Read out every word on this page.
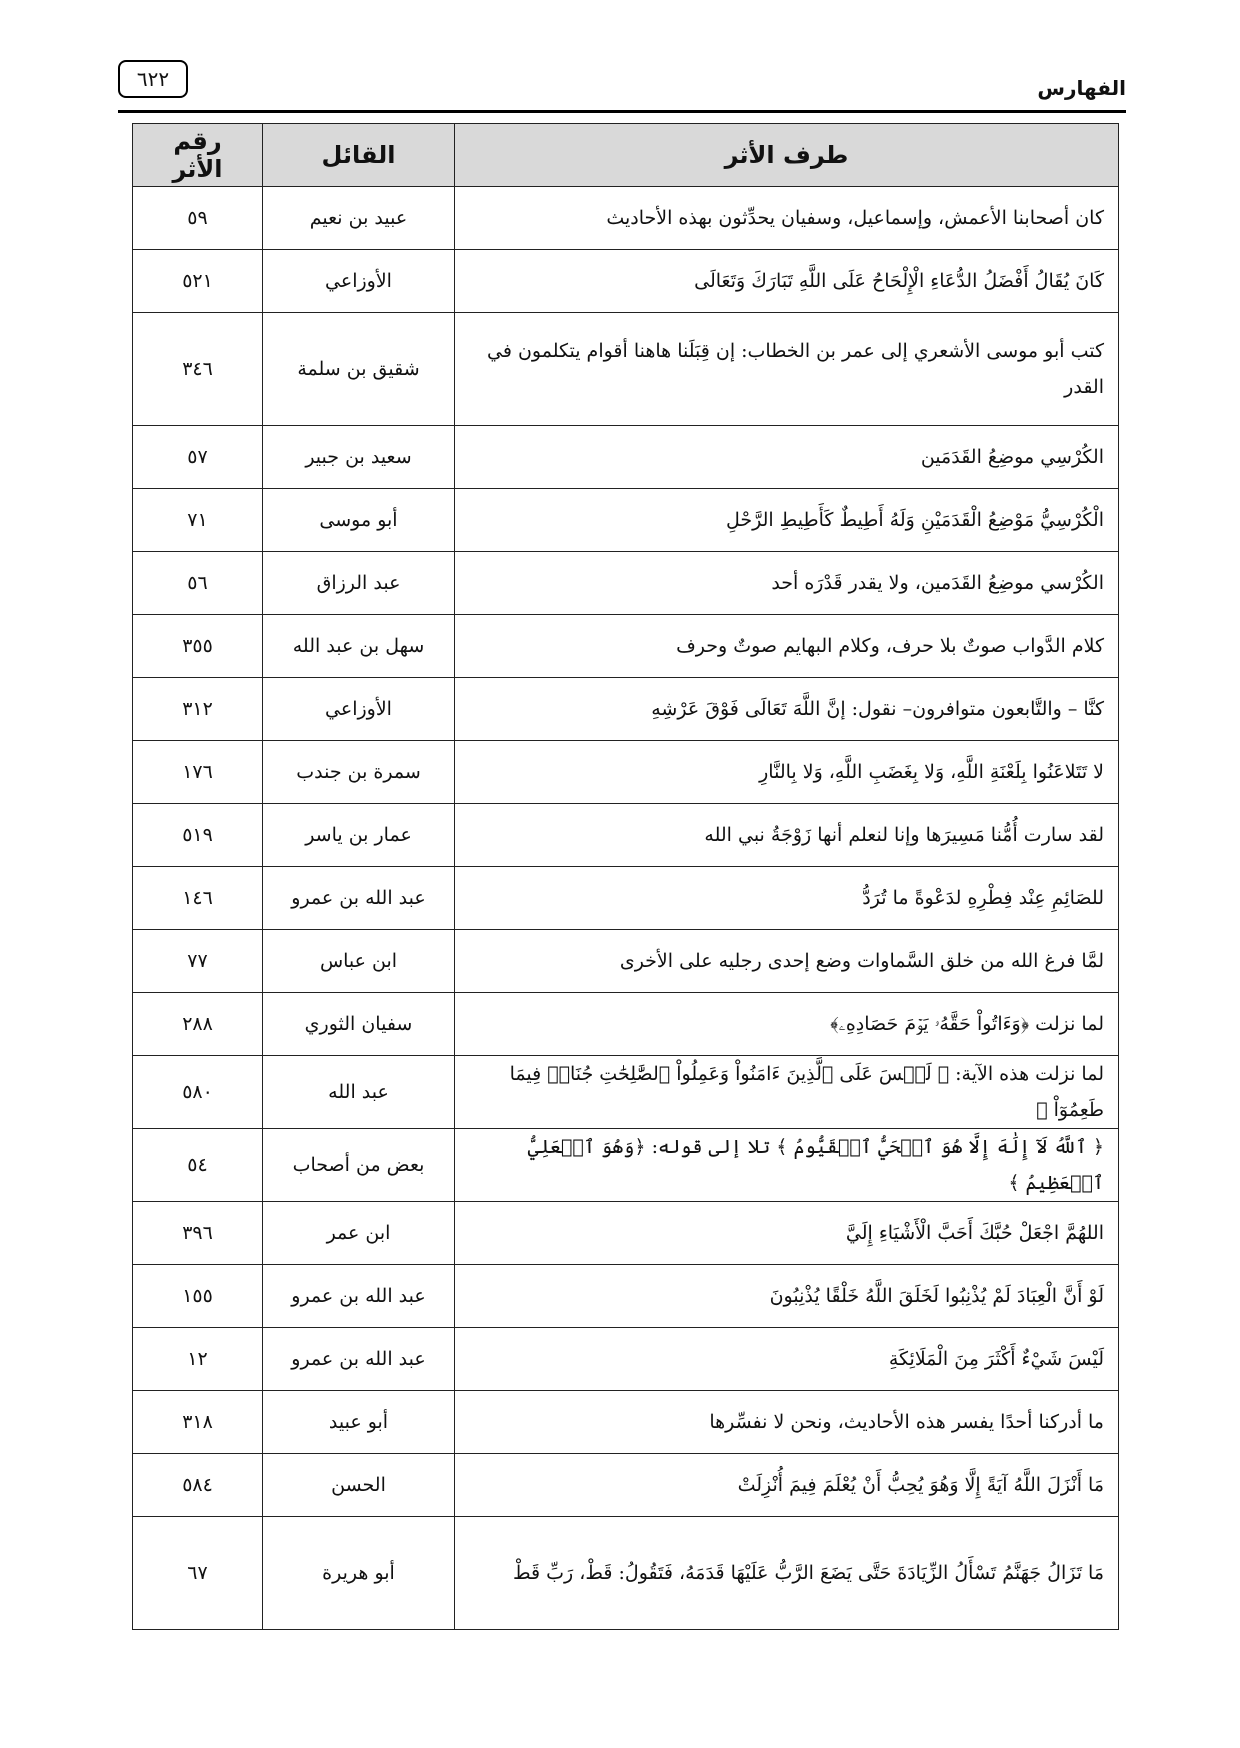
الفهارس
٦٢٢
طرف الأثر	القائل	رقم الأثر
كان أصحابنا الأعمش، وإسماعيل، وسفيان يحدِّثون بهذه الأحاديث	عبيد بن نعيم	٥٩
كَانَ يُقَالُ أَفْضَلُ الدُّعَاءِ الْإِلْحَاحُ عَلَى اللَّهِ تَبَارَكَ وَتَعَالَى	الأوزاعي	٥٢١
كتب أبو موسى الأشعري إلى عمر بن الخطاب: إن قِبَلَنا هاهنا أقوام يتكلمون في القدر	شقيق بن سلمة	٣٤٦
الكُرْسِي موضِعُ القَدَمَين	سعيد بن جبير	٥٧
الْكُرْسِيُّ مَوْضِعُ الْقَدَمَيْنِ وَلَهُ أَطِيطٌ كَأَطِيطِ الرَّحْلِ	أبو موسى	٧١
الكُرْسي موضِعُ القَدَمين، ولا يقدر قَدْرَه أحد	عبد الرزاق	٥٦
كلام الدَّواب صوتٌ بلا حرف، وكلام البهايم صوتٌ وحرف	سهل بن عبد الله	٣٥٥
كنَّا – والتَّابعون متوافرون– نقول: إنَّ اللَّهَ تَعَالَى فَوْقَ عَرْشِهِ	الأوزاعي	٣١٢
لا تَتَلاعَنُوا بِلَعْنَةِ اللَّهِ، وَلا بِغَضَبِ اللَّهِ، وَلا بِالنَّارِ	سمرة بن جندب	١٧٦
لقد سارت أُمُّنا مَسِيرَها وإنا لنعلم أنها زَوْجَةُ نبي الله	عمار بن ياسر	٥١٩
للصَائِمِ عِنْد فِطْرِهِ لدَعْوةً ما تُرَدُّ	عبد الله بن عمرو	١٤٦
لمَّا فرغ الله من خلق السَّماوات وضع إحدى رجليه على الأخرى	ابن عباس	٧٧
لما نزلت ﴿وَءَاتُواْ حَقَّهُۥ يَوۡمَ حَصَادِهِۦ﴾	سفيان الثوري	٢٨٨
لما نزلت هذه الآية: ﴿ لَيۡسَ عَلَى ٱلَّذِينَ ءَامَنُواْ وَعَمِلُواْ ٱلصَّٰلِحَٰتِ جُنَاحٞ فِيمَا طَعِمُوٓاْ ﴾	عبد الله	٥٨٠
﴿ ٱللَّهُ لَآ إِلَٰهَ إِلَّا هُوَ ٱلۡحَيُّ ٱلۡقَيُّومُ ﴾ تلا إلى قوله: ﴿وَهُوَ ٱلۡعَلِيُّ ٱلۡعَظِيمُ ﴾	بعض من أصحاب	٥٤
اللهُمَّ اجْعَلْ حُبَّكَ أَحَبَّ الْأَشْيَاءِ إِلَيَّ	ابن عمر	٣٩٦
لَوْ أَنَّ الْعِبَادَ لَمْ يُذْنِبُوا لَخَلَقَ اللَّهُ خَلْقًا يُذْنِبُونَ	عبد الله بن عمرو	١٥٥
لَيْسَ شَيْءٌ أَكْثَرَ مِنَ الْمَلَائِكَةِ	عبد الله بن عمرو	١٢
ما أدركنا أحدًا يفسر هذه الأحاديث، ونحن لا نفسِّرها	أبو عبيد	٣١٨
مَا أَنْزَلَ اللَّهُ آيَةً إِلَّا وَهُوَ يُحِبُّ أَنْ يُعْلَمَ فِيمَ أُنْزِلَتْ	الحسن	٥٨٤
مَا تَزَالُ جَهَنَّمُ تَسْأَلُ الزِّيَادَةَ حَتَّى يَضَعَ الرَّبُّ عَلَيْهَا قَدَمَهُ، فَتَقُولُ: قَطْ، رَبِّ قَطْ	أبو هريرة	٦٧
